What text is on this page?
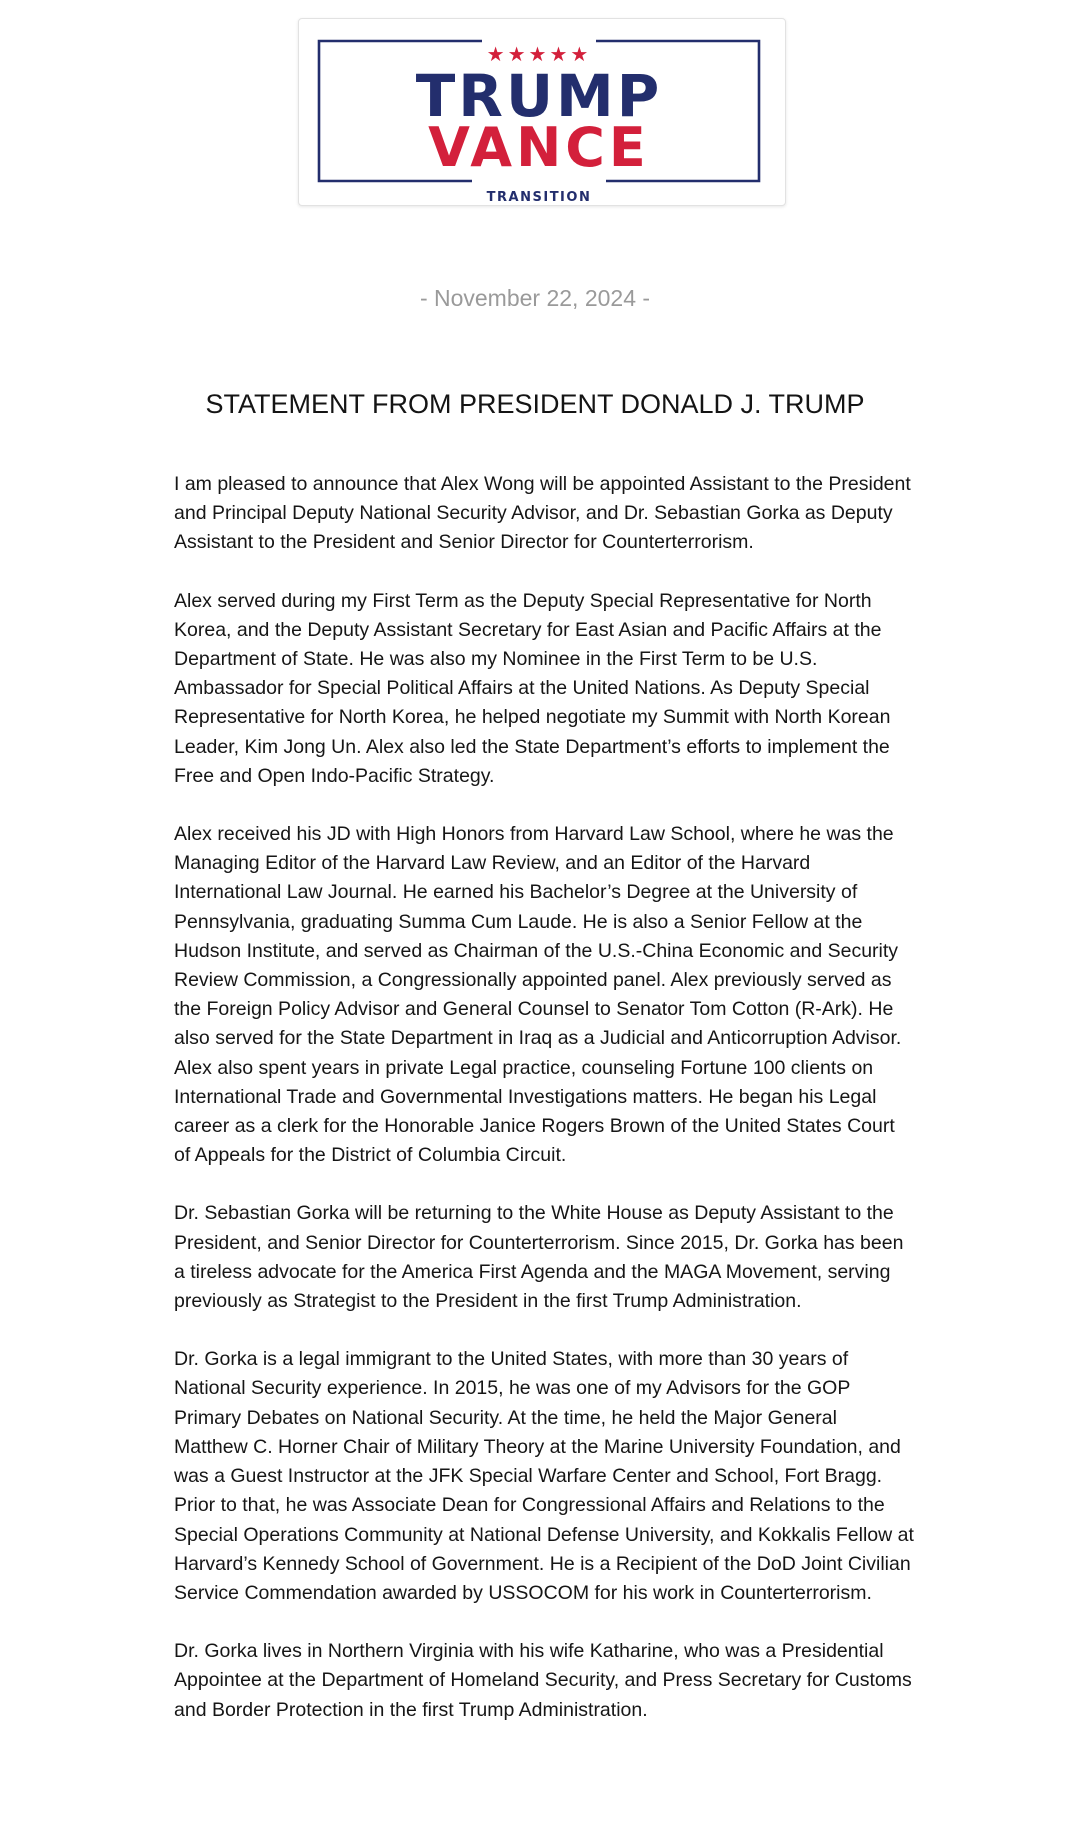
★★★★★
TRUMP
VANCE
TRANSITION
- November 22, 2024 -
STATEMENT FROM PRESIDENT DONALD J. TRUMP

I am pleased to announce that Alex Wong will be appointed Assistant to the President and Principal Deputy National Security Advisor, and Dr. Sebastian Gorka as Deputy Assistant to the President and Senior Director for Counterterrorism.

Alex served during my First Term as the Deputy Special Representative for North Korea, and the Deputy Assistant Secretary for East Asian and Pacific Affairs at the Department of State. He was also my Nominee in the First Term to be U.S. Ambassador for Special Political Affairs at the United Nations. As Deputy Special Representative for North Korea, he helped negotiate my Summit with North Korean Leader, Kim Jong Un. Alex also led the State Department’s efforts to implement the Free and Open Indo-Pacific Strategy.

Alex received his JD with High Honors from Harvard Law School, where he was the Managing Editor of the Harvard Law Review, and an Editor of the Harvard International Law Journal. He earned his Bachelor’s Degree at the University of Pennsylvania, graduating Summa Cum Laude. He is also a Senior Fellow at the Hudson Institute, and served as Chairman of the U.S.-China Economic and Security Review Commission, a Congressionally appointed panel. Alex previously served as the Foreign Policy Advisor and General Counsel to Senator Tom Cotton (R-Ark). He also served for the State Department in Iraq as a Judicial and Anticorruption Advisor. Alex also spent years in private Legal practice, counseling Fortune 100 clients on International Trade and Governmental Investigations matters. He began his Legal career as a clerk for the Honorable Janice Rogers Brown of the United States Court of Appeals for the District of Columbia Circuit.

Dr. Sebastian Gorka will be returning to the White House as Deputy Assistant to the President, and Senior Director for Counterterrorism. Since 2015, Dr. Gorka has been a tireless advocate for the America First Agenda and the MAGA Movement, serving previously as Strategist to the President in the first Trump Administration.

Dr. Gorka is a legal immigrant to the United States, with more than 30 years of National Security experience. In 2015, he was one of my Advisors for the GOP Primary Debates on National Security. At the time, he held the Major General Matthew C. Horner Chair of Military Theory at the Marine University Foundation, and was a Guest Instructor at the JFK Special Warfare Center and School, Fort Bragg. Prior to that, he was Associate Dean for Congressional Affairs and Relations to the Special Operations Community at National Defense University, and Kokkalis Fellow at Harvard’s Kennedy School of Government. He is a Recipient of the DoD Joint Civilian Service Commendation awarded by USSOCOM for his work in Counterterrorism.

Dr. Gorka lives in Northern Virginia with his wife Katharine, who was a Presidential Appointee at the Department of Homeland Security, and Press Secretary for Customs and Border Protection in the first Trump Administration.
